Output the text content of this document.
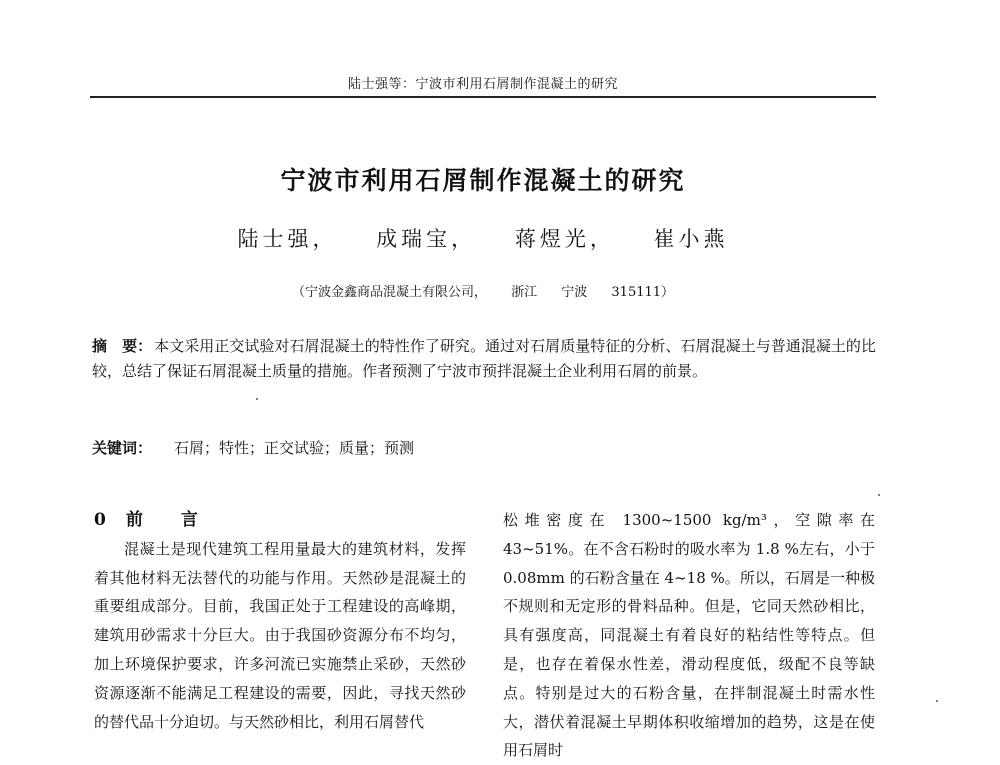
陆士强等：宁波市利用石屑制作混凝土的研究
宁波市利用石屑制作混凝土的研究
陆士强， 成瑞宝， 蒋煜光， 崔小燕
（宁波金鑫商品混凝土有限公司， 浙江 宁波 315111）
摘　要： 本文采用正交试验对石屑混凝土的特性作了研究。通过对石屑质量特征的分析、石屑混凝土与普通混凝土的比较，总结了保证石屑混凝土质量的措施。作者预测了宁波市预拌混凝土企业利用石屑的前景。
关键词： 石屑；特性；正交试验；质量；预测
0 前言

混凝土是现代建筑工程用量最大的建筑材料，发挥着其他材料无法替代的功能与作用。天然砂是混凝土的重要组成部分。目前，我国正处于工程建设的高峰期，建筑用砂需求十分巨大。由于我国砂资源分布不均匀，加上环境保护要求，许多河流已实施禁止采砂，天然砂资源逐渐不能满足工程建设的需要，因此，寻找天然砂的替代品十分迫切。与天然砂相比，利用石屑替代

松堆密度在 1300~1500 kg/m³，空隙率在 43~51%。在不含石粉时的吸水率为 1.8 %左右，小于 0.08mm 的石粉含量在 4~18 %。所以，石屑是一种极不规则和无定形的骨料品种。但是，它同天然砂相比，具有强度高，同混凝土有着良好的粘结性等特点。但是，也存在着保水性差，滑动程度低，级配不良等缺点。特别是过大的石粉含量，在拌制混凝土时需水性大，潜伏着混凝土早期体积收缩增加的趋势，这是在使用石屑时
